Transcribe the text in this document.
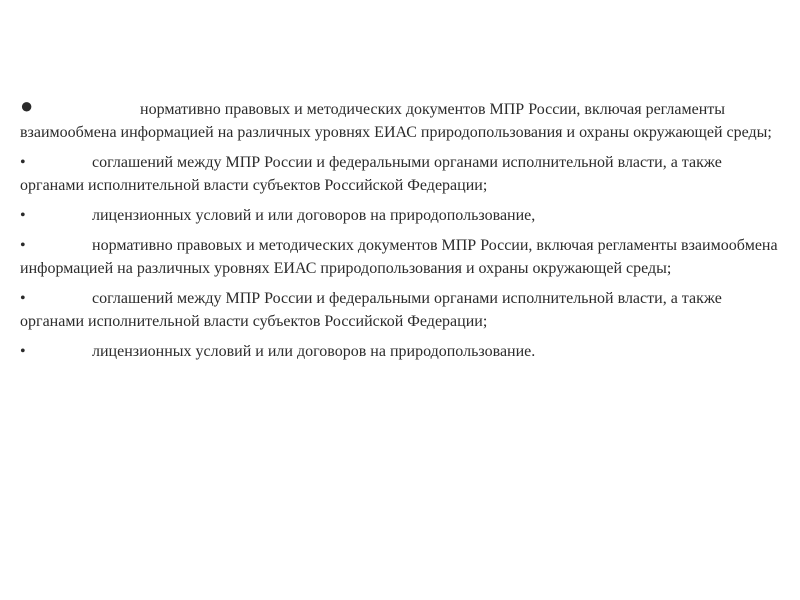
●	нормативно правовых и методических документов МПР России, включая регламенты взаимообмена информацией на различных уровнях ЕИАС природопользования и охраны окружающей среды;

•	соглашений между МПР России и федеральными органами исполнительной власти, а также органами исполнительной власти субъектов Российской Федерации;

•	лицензионных условий и или договоров на природопользование,

•	нормативно правовых и методических документов МПР России, включая регламенты взаимообмена информацией на различных уровнях ЕИАС природопользования и охраны окружающей среды;

•	соглашений между МПР России и федеральными органами исполнительной власти, а также органами исполнительной власти субъектов Российской Федерации;

•	лицензионных условий и или договоров на природопользование.
